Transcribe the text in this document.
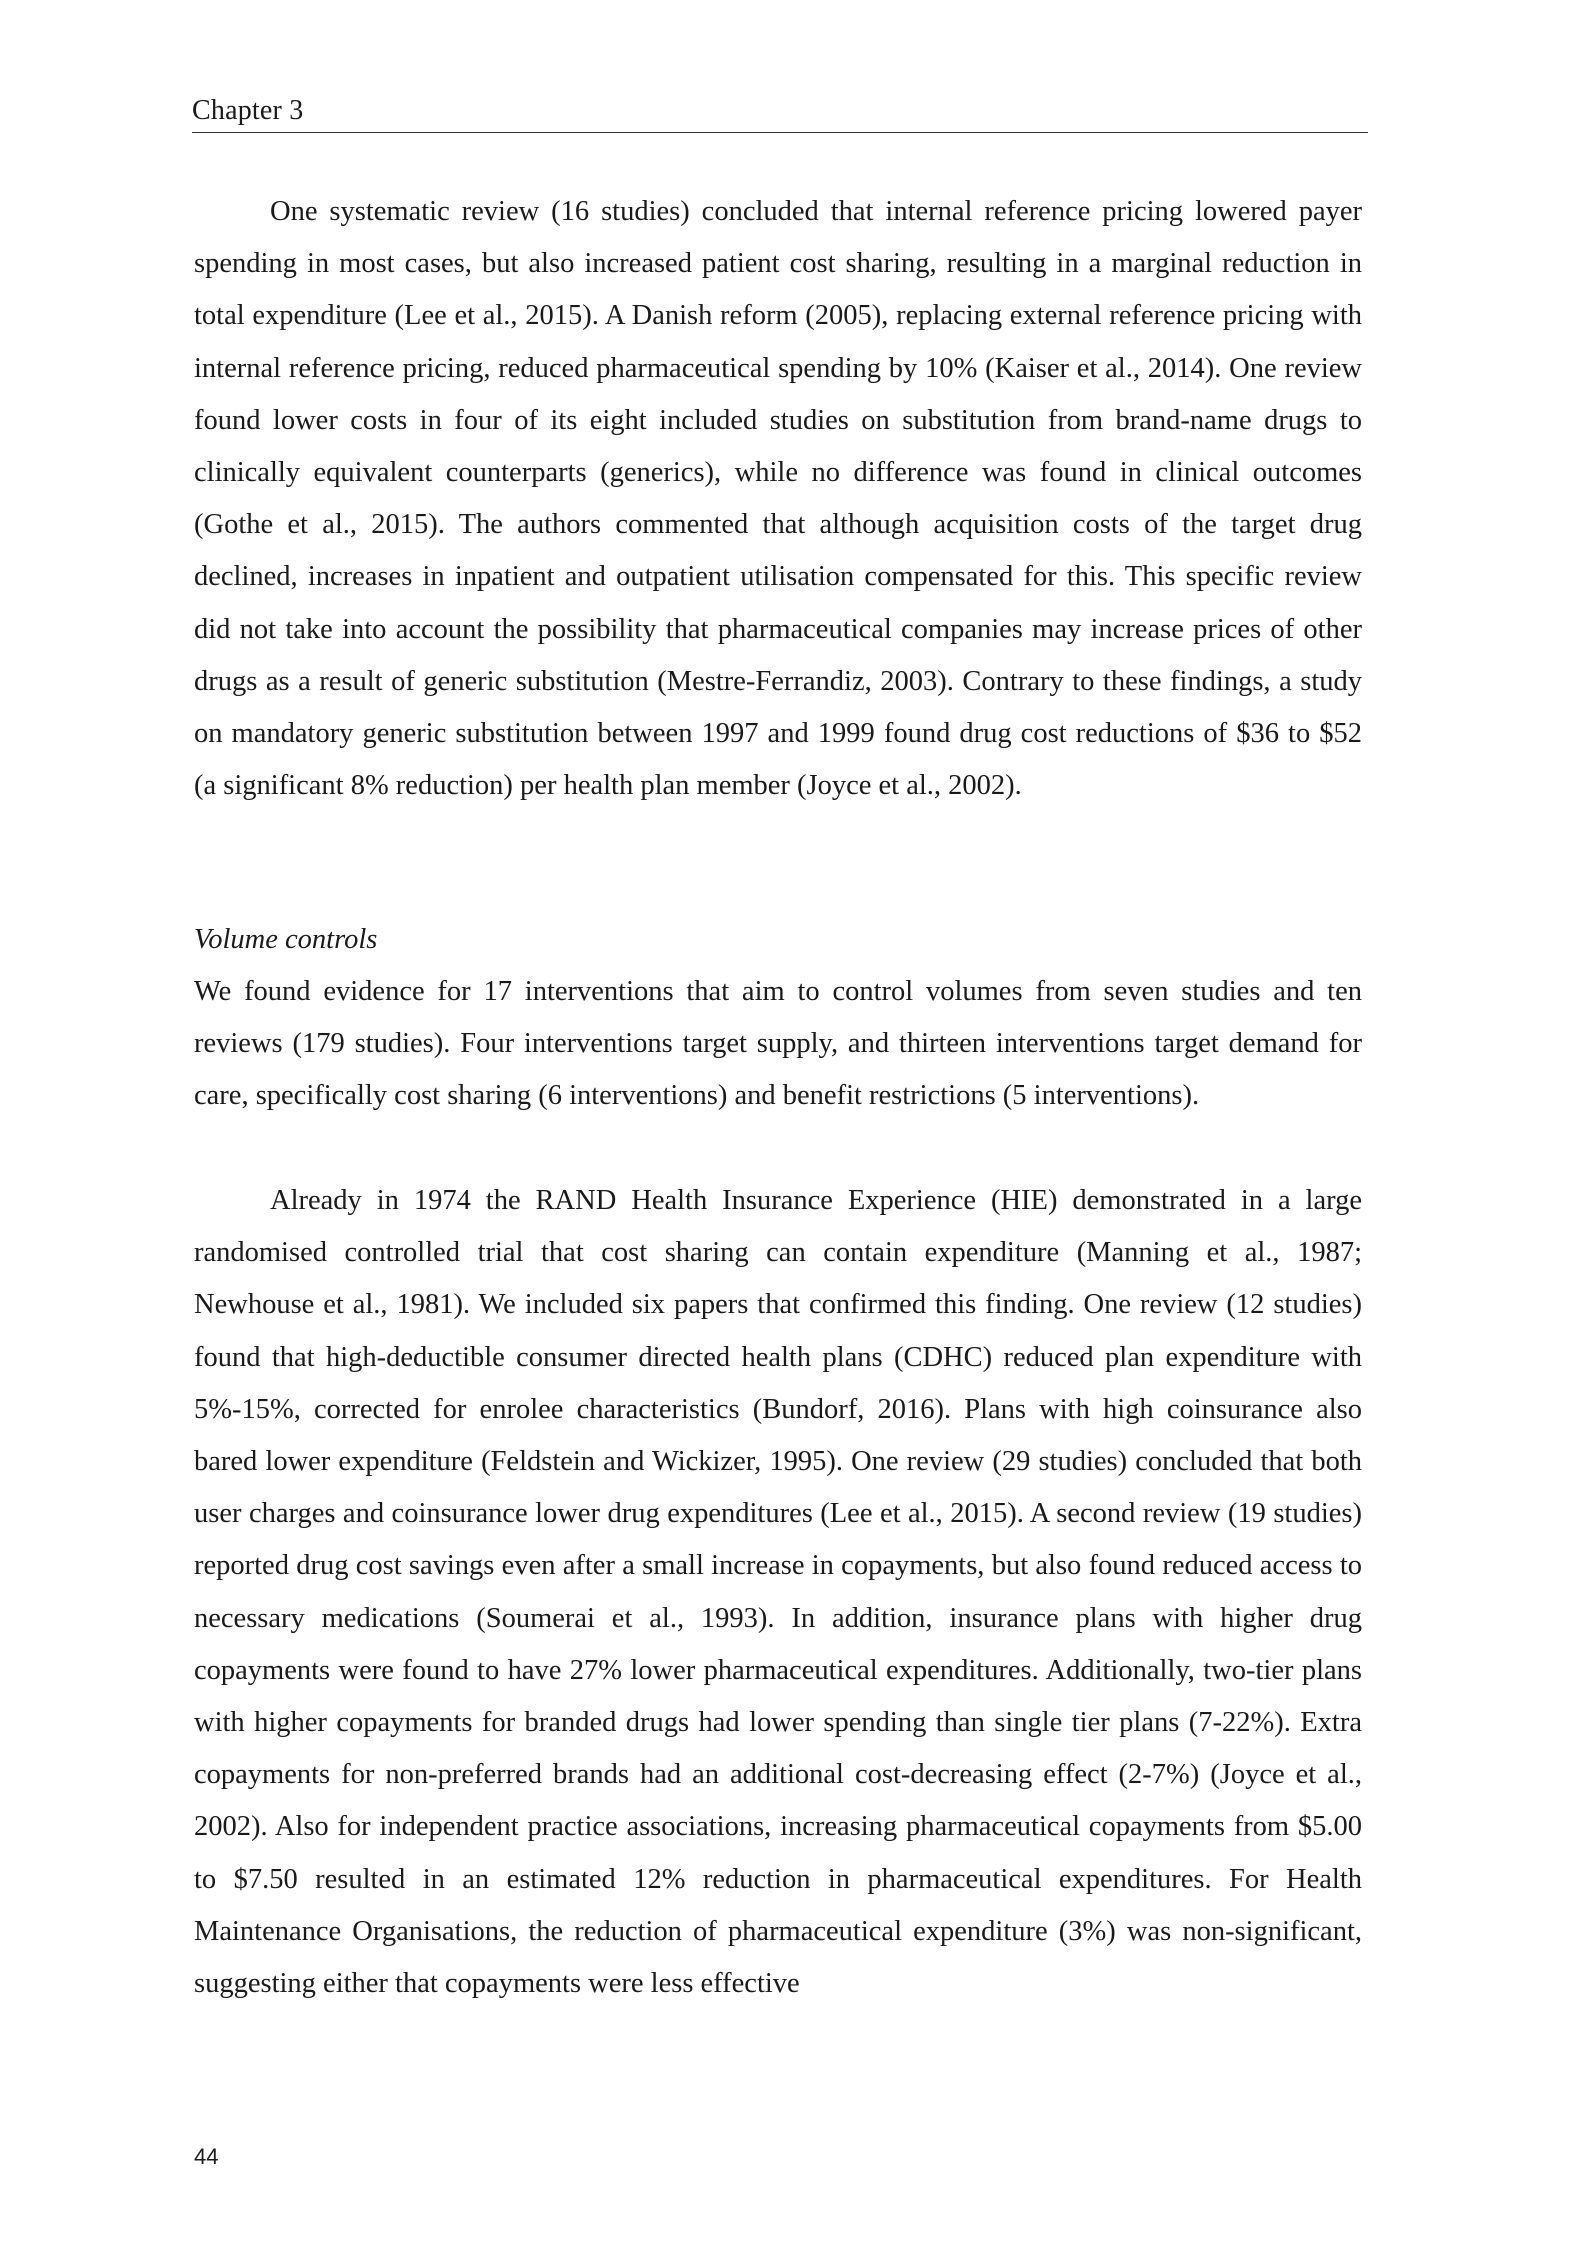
Chapter 3

One systematic review (16 studies) concluded that internal reference pricing lowered payer spending in most cases, but also increased patient cost sharing, resulting in a marginal reduction in total expenditure (Lee et al., 2015). A Danish reform (2005), replacing external reference pricing with internal reference pricing, reduced pharmaceutical spending by 10% (Kaiser et al., 2014). One review found lower costs in four of its eight included studies on substitution from brand-name drugs to clinically equivalent counterparts (generics), while no difference was found in clinical outcomes (Gothe et al., 2015). The authors commented that although acquisition costs of the target drug declined, increases in inpatient and outpatient utilisation compensated for this. This specific review did not take into account the possibility that pharmaceutical companies may increase prices of other drugs as a result of generic substitution (Mestre-Ferrandiz, 2003). Contrary to these findings, a study on mandatory generic substitution between 1997 and 1999 found drug cost reductions of $36 to $52 (a significant 8% reduction) per health plan member (Joyce et al., 2002).

Volume controls

We found evidence for 17 interventions that aim to control volumes from seven studies and ten reviews (179 studies). Four interventions target supply, and thirteen interventions target demand for care, specifically cost sharing (6 interventions) and benefit restrictions (5 interventions).

Already in 1974 the RAND Health Insurance Experience (HIE) demonstrated in a large randomised controlled trial that cost sharing can contain expenditure (Manning et al., 1987; Newhouse et al., 1981). We included six papers that confirmed this finding. One review (12 studies) found that high-deductible consumer directed health plans (CDHC) reduced plan expenditure with 5%-15%, corrected for enrolee characteristics (Bundorf, 2016). Plans with high coinsurance also bared lower expenditure (Feldstein and Wickizer, 1995). One review (29 studies) concluded that both user charges and coinsurance lower drug expenditures (Lee et al., 2015). A second review (19 studies) reported drug cost savings even after a small increase in copayments, but also found reduced access to necessary medications (Soumerai et al., 1993). In addition, insurance plans with higher drug copayments were found to have 27% lower pharmaceutical expenditures. Additionally, two-tier plans with higher copayments for branded drugs had lower spending than single tier plans (7-22%). Extra copayments for non-preferred brands had an additional cost-decreasing effect (2-7%) (Joyce et al., 2002). Also for independent practice associations, increasing pharmaceutical copayments from $5.00 to $7.50 resulted in an estimated 12% reduction in pharmaceutical expenditures. For Health Maintenance Organisations, the reduction of pharmaceutical expenditure (3%) was non-significant, suggesting either that copayments were less effective

44
